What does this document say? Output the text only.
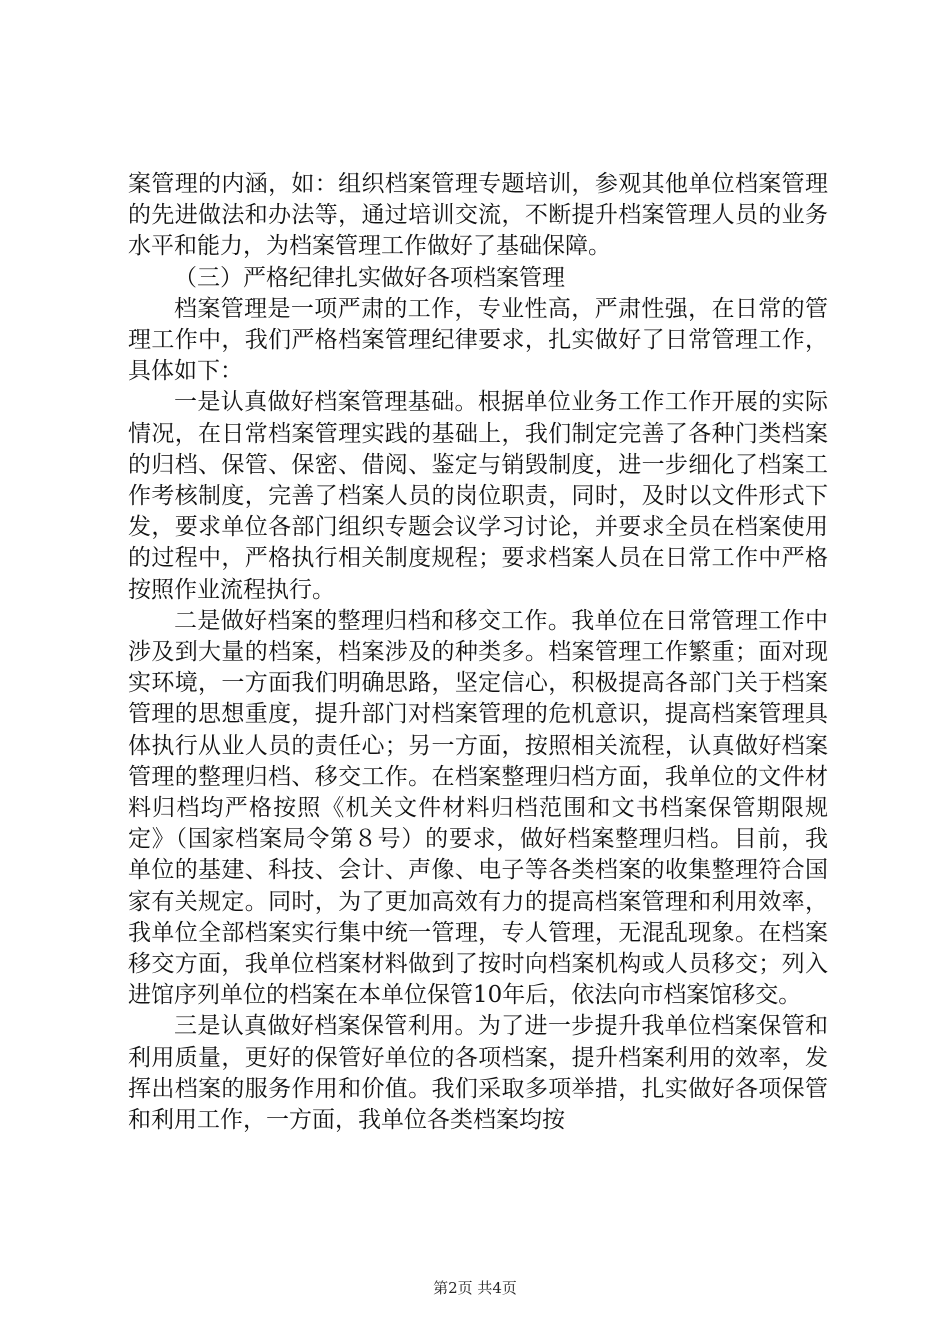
案管理的内涵，如：组织档案管理专题培训，参观其他单位档案管理的先进做法和办法等，通过培训交流，不断提升档案管理人员的业务水平和能力，为档案管理工作做好了基础保障。

（三）严格纪律扎实做好各项档案管理

档案管理是一项严肃的工作，专业性高，严肃性强，在日常的管理工作中，我们严格档案管理纪律要求，扎实做好了日常管理工作，具体如下：

一是认真做好档案管理基础。根据单位业务工作工作开展的实际情况，在日常档案管理实践的基础上，我们制定完善了各种门类档案的归档、保管、保密、借阅、鉴定与销毁制度，进一步细化了档案工作考核制度，完善了档案人员的岗位职责，同时，及时以文件形式下发，要求单位各部门组织专题会议学习讨论，并要求全员在档案使用的过程中，严格执行相关制度规程；要求档案人员在日常工作中严格按照作业流程执行。

二是做好档案的整理归档和移交工作。我单位在日常管理工作中涉及到大量的档案，档案涉及的种类多。档案管理工作繁重；面对现实环境，一方面我们明确思路，坚定信心，积极提高各部门关于档案管理的思想重度，提升部门对档案管理的危机意识，提高档案管理具体执行从业人员的责任心；另一方面，按照相关流程，认真做好档案管理的整理归档、移交工作。在档案整理归档方面，我单位的文件材料归档均严格按照《机关文件材料归档范围和文书档案保管期限规定》（国家档案局令第８号）的要求，做好档案整理归档。目前，我单位的基建、科技、会计、声像、电子等各类档案的收集整理符合国家有关规定。同时，为了更加高效有力的提高档案管理和利用效率，我单位全部档案实行集中统一管理，专人管理，无混乱现象。在档案移交方面，我单位档案材料做到了按时向档案机构或人员移交；列入进馆序列单位的档案在本单位保管10年后，依法向市档案馆移交。

三是认真做好档案保管利用。为了进一步提升我单位档案保管和利用质量，更好的保管好单位的各项档案，提升档案利用的效率，发挥出档案的服务作用和价值。我们采取多项举措，扎实做好各项保管和利用工作，一方面，我单位各类档案均按

第2页 共4页
